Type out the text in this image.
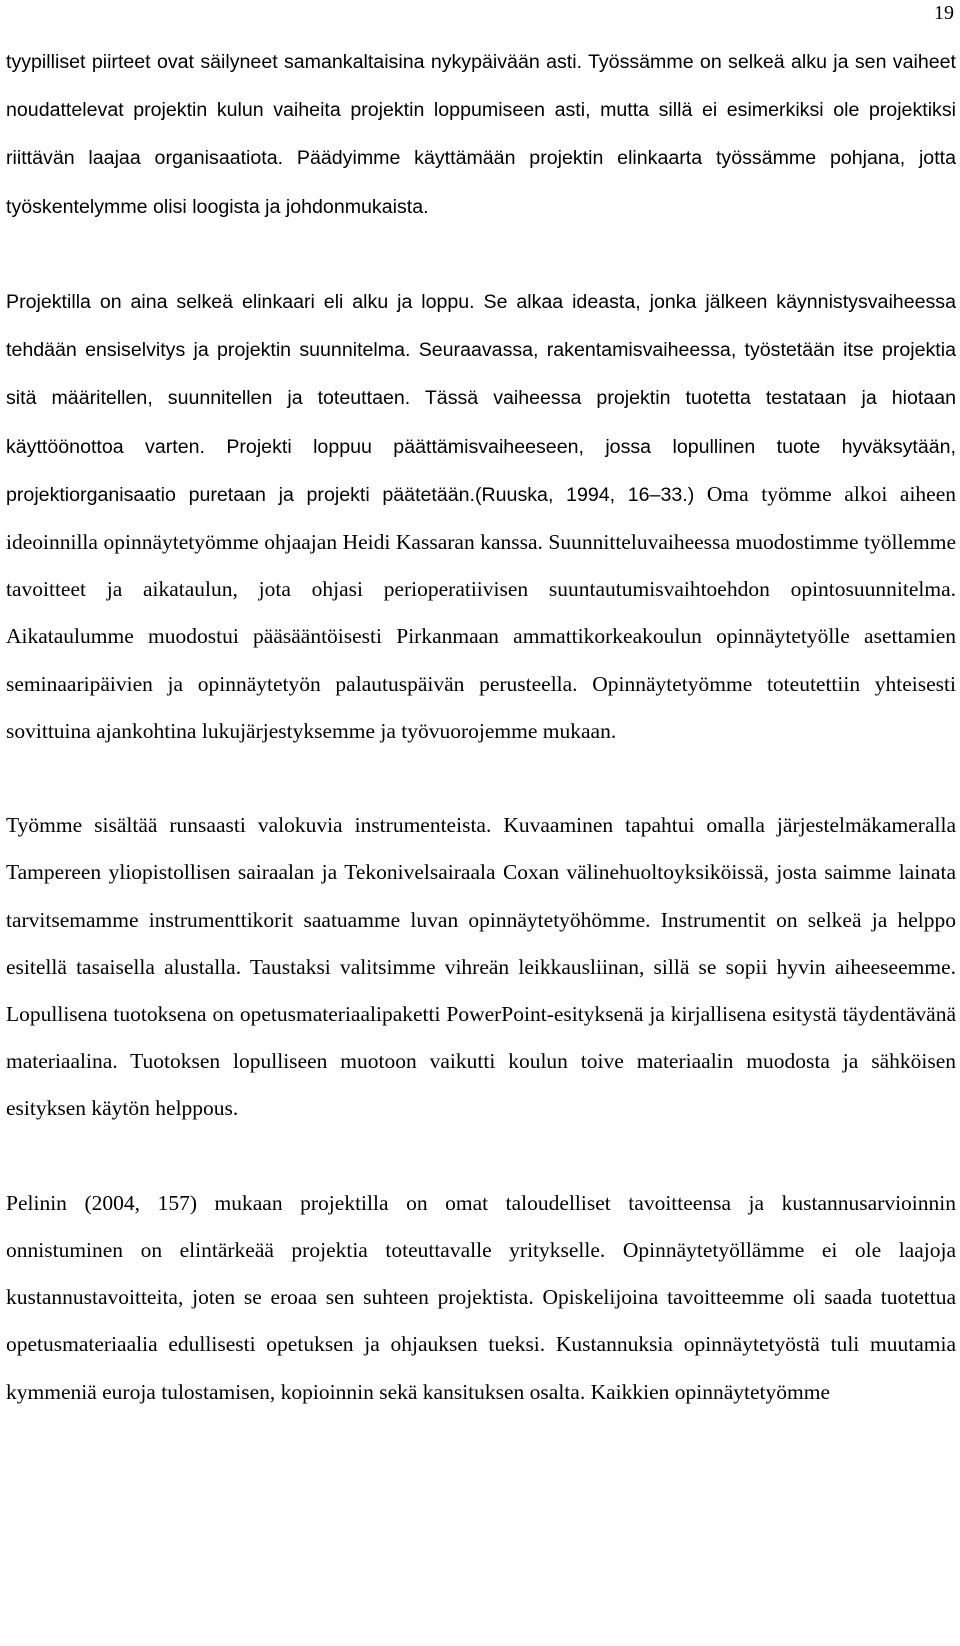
19

tyypilliset piirteet ovat säilyneet samankaltaisina nykypäivään asti. Työssämme on selkeä alku ja sen vaiheet noudattelevat projektin kulun vaiheita projektin loppumiseen asti, mutta sillä ei esimerkiksi ole projektiksi riittävän laajaa organisaatiota. Päädyimme käyttämään projektin elinkaarta työssämme pohjana, jotta työskentelymme olisi loogista ja johdonmukaista.

Projektilla on aina selkeä elinkaari eli alku ja loppu. Se alkaa ideasta, jonka jälkeen käynnistysvaiheessa tehdään ensiselvitys ja projektin suunnitelma. Seuraavassa, rakentamisvaiheessa, työstetään itse projektia sitä määritellen, suunnitellen ja toteuttaen. Tässä vaiheessa projektin tuotetta testataan ja hiotaan käyttöönottoa varten. Projekti loppuu päättämisvaiheeseen, jossa lopullinen tuote hyväksytään, projektiorganisaatio puretaan ja projekti päätetään.(Ruuska, 1994, 16–33.) Oma työmme alkoi aiheen ideoinnilla opinnäytetyömme ohjaajan Heidi Kassaran kanssa. Suunnitteluvaiheessa muodostimme työllemme tavoitteet ja aikataulun, jota ohjasi perioperatiivisen suuntautumisvaihtoehdon opintosuunnitelma. Aikataulumme muodostui pääsääntöisesti Pirkanmaan ammattikorkeakoulun opinnäytetyölle asettamien seminaaripäivien ja opinnäytetyön palautuspäivän perusteella. Opinnäytetyömme toteutettiin yhteisesti sovittuina ajankohtina lukujärjestyksemme ja työvuorojemme mukaan.

Työmme sisältää runsaasti valokuvia instrumenteista. Kuvaaminen tapahtui omalla järjestelmäkameralla Tampereen yliopistollisen sairaalan ja Tekonivelsairaala Coxan välinehuoltoyksiköissä, josta saimme lainata tarvitsemamme instrumenttikorit saatuamme luvan opinnäytetyöhömme. Instrumentit on selkeä ja helppo esitellä tasaisella alustalla. Taustaksi valitsimme vihreän leikkausliinan, sillä se sopii hyvin aiheeseemme. Lopullisena tuotoksena on opetusmateriaalipaketti PowerPoint-esityksenä ja kirjallisena esitystä täydentävänä materiaalina. Tuotoksen lopulliseen muotoon vaikutti koulun toive materiaalin muodosta ja sähköisen esityksen käytön helppous.

Pelinin (2004, 157) mukaan projektilla on omat taloudelliset tavoitteensa ja kustannusarvioinnin onnistuminen on elintärkeää projektia toteuttavalle yritykselle. Opinnäytetyöllämme ei ole laajoja kustannustavoitteita, joten se eroaa sen suhteen projektista. Opiskelijoina tavoitteemme oli saada tuotettua opetusmateriaalia edullisesti opetuksen ja ohjauksen tueksi. Kustannuksia opinnäytetyöstä tuli muutamia kymmeniä euroja tulostamisen, kopioinnin sekä kansituksen osalta. Kaikkien opinnäytetyömme
